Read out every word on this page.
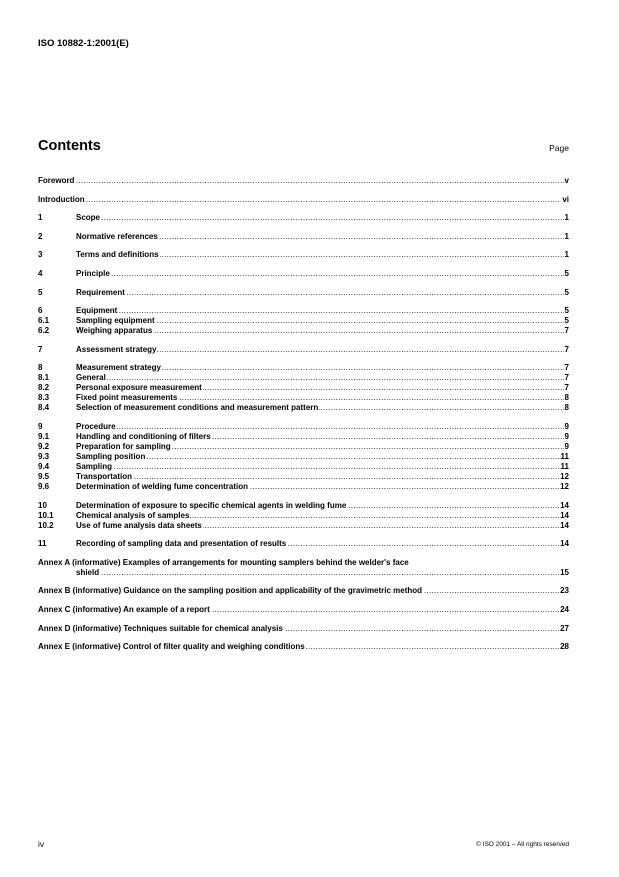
ISO 10882-1:2001(E)
Contents	Page
.....
Foreword	v
.....
Introduction	vi
.....
1	Scope	1
.....
2	Normative references	1
.....
3	Terms and definitions	1
.....
4	Principle	5
.....
5	Requirement	5
.....
6	Equipment	5
.....
6.1	Sampling equipment	5
.....
6.2	Weighing apparatus	7
.....
7	Assessment strategy	7
.....
8	Measurement strategy	7
.....
8.1	General	7
.....
8.2	Personal exposure measurement	7
.....
8.3	Fixed point measurements	8
.....
8.4	Selection of measurement conditions and measurement pattern	8
.....
9	Procedure	9
.....
9.1	Handling and conditioning of filters	9
.....
9.2	Preparation for sampling	9
.....
9.3	Sampling position	11
.....
9.4	Sampling	11
.....
9.5	Transportation	12
.....
9.6	Determination of welding fume concentration	12
.....
10	Determination of exposure to specific chemical agents in welding fume	14
.....
10.1	Chemical analysis of samples	14
.....
10.2	Use of fume analysis data sheets	14
.....
11	Recording of sampling data and presentation of results	14
Annex A (informative) Examples of arrangements for mounting samplers behind the welder's face
.....
shield	15
.....
Annex B (informative) Guidance on the sampling position and applicability of the gravimetric method	23
.....
Annex C (informative) An example of a report	24
.....
Annex D (informative) Techniques suitable for chemical analysis	27
.....
Annex E (informative) Control of filter quality and weighing conditions	28
iv	© ISO 2001 – All rights reserved
